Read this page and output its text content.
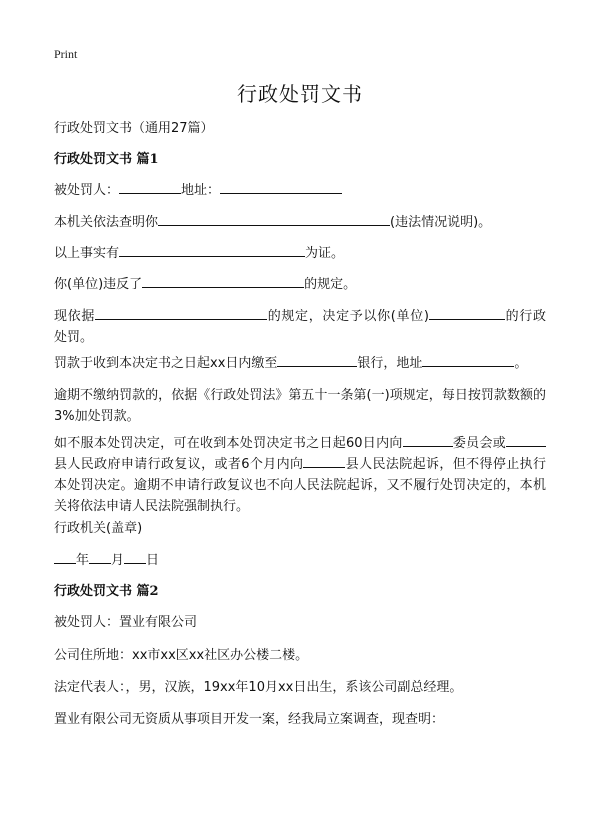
Print
行政处罚文书
行政处罚文书（通用27篇）
行政处罚文书 篇1
被处罚人：	地址：
本机关依法查明你	(违法情况说明)。
以上事实有	为证。
你(单位)违反了	的规定。
现依据	的规定，决定予以你(单位)	的行政处罚。
罚款于收到本决定书之日起xx日内缴至	银行，地址	。
逾期不缴纳罚款的，依据《行政处罚法》第五十一条第(一)项规定，每日按罚款数额的3%加处罚款。
如不服本处罚决定，可在收到本处罚决定书之日起60日内向	委员会或县人民政府申请行政复议，或者6个月内向	县人民法院起诉，但不得停止执行本处罚决定。逾期不申请行政复议也不向人民法院起诉，又不履行处罚决定的，本机关将依法申请人民法院强制执行。
行政机关(盖章)
年 月 日
行政处罚文书 篇2
被处罚人：置业有限公司
公司住所地：xx市xx区xx社区办公楼二楼。
法定代表人：，男，汉族，19xx年10月xx日出生，系该公司副总经理。
置业有限公司无资质从事项目开发一案，经我局立案调查，现查明：
